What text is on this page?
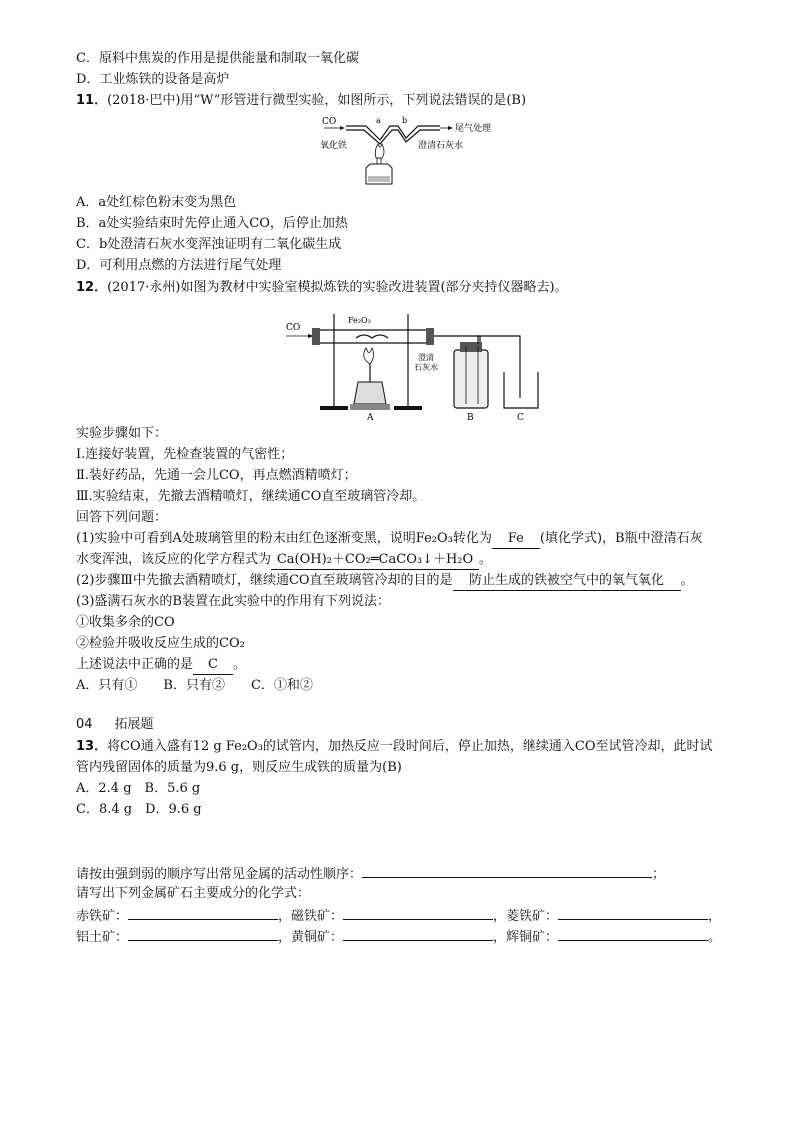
C．原料中焦炭的作用是提供能量和制取一氧化碳
D．工业炼铁的设备是高炉
11．(2018·巴中)用“W”形管进行微型实验，如图所示，下列说法错误的是(B)
CO	a	b
尾气处理
氧化铁	澄清石灰水
A．a处红棕色粉末变为黑色
B．a处实验结束时先停止通入CO，后停止加热
C．b处澄清石灰水变浑浊证明有二氧化碳生成
D．可利用点燃的方法进行尾气处理
12．(2017·永州)如图为教材中实验室模拟炼铁的实验改进装置(部分夹持仪器略去)。
CO
Fe₂O₃
A
澄清
石灰水
B	C
实验步骤如下：
Ⅰ.连接好装置，先检查装置的气密性；
Ⅱ.装好药品，先通一会儿CO，再点燃酒精喷灯；
Ⅲ.实验结束，先撤去酒精喷灯，继续通CO直至玻璃管冷却。
回答下列问题：
(1)实验中可看到A处玻璃管里的粉末由红色逐渐变黑，说明Fe₂O₃转化为 Fe (填化学式)，B瓶中澄清石灰
水变浑浊，该反应的化学方程式为 Ca(OH)₂＋CO₂═CaCO₃↓＋H₂O 。
(2)步骤Ⅲ中先撤去酒精喷灯，继续通CO直至玻璃管冷却的目的是 防止生成的铁被空气中的氧气氧化 。
(3)盛满石灰水的B装置在此实验中的作用有下列说法：
①收集多余的CO
②检验并吸收反应生成的CO₂
上述说法中正确的是 C 。
A．只有①　　B．只有②　　C．①和②
04 拓展题
13．将CO通入盛有12 g Fe₂O₃的试管内，加热反应一段时间后，停止加热，继续通入CO至试管冷却，此时试
管内残留固体的质量为9.6 g，则反应生成铁的质量为(B)
A．2.4 g　B．5.6 g
C．8.4 g　D．9.6 g
请按由强到弱的顺序写出常见金属的活动性顺序：	；
请写出下列金属矿石主要成分的化学式：
赤铁矿：	，磁铁矿：	，菱铁矿：	，
铝土矿：	，黄铜矿：	，辉铜矿：	。
